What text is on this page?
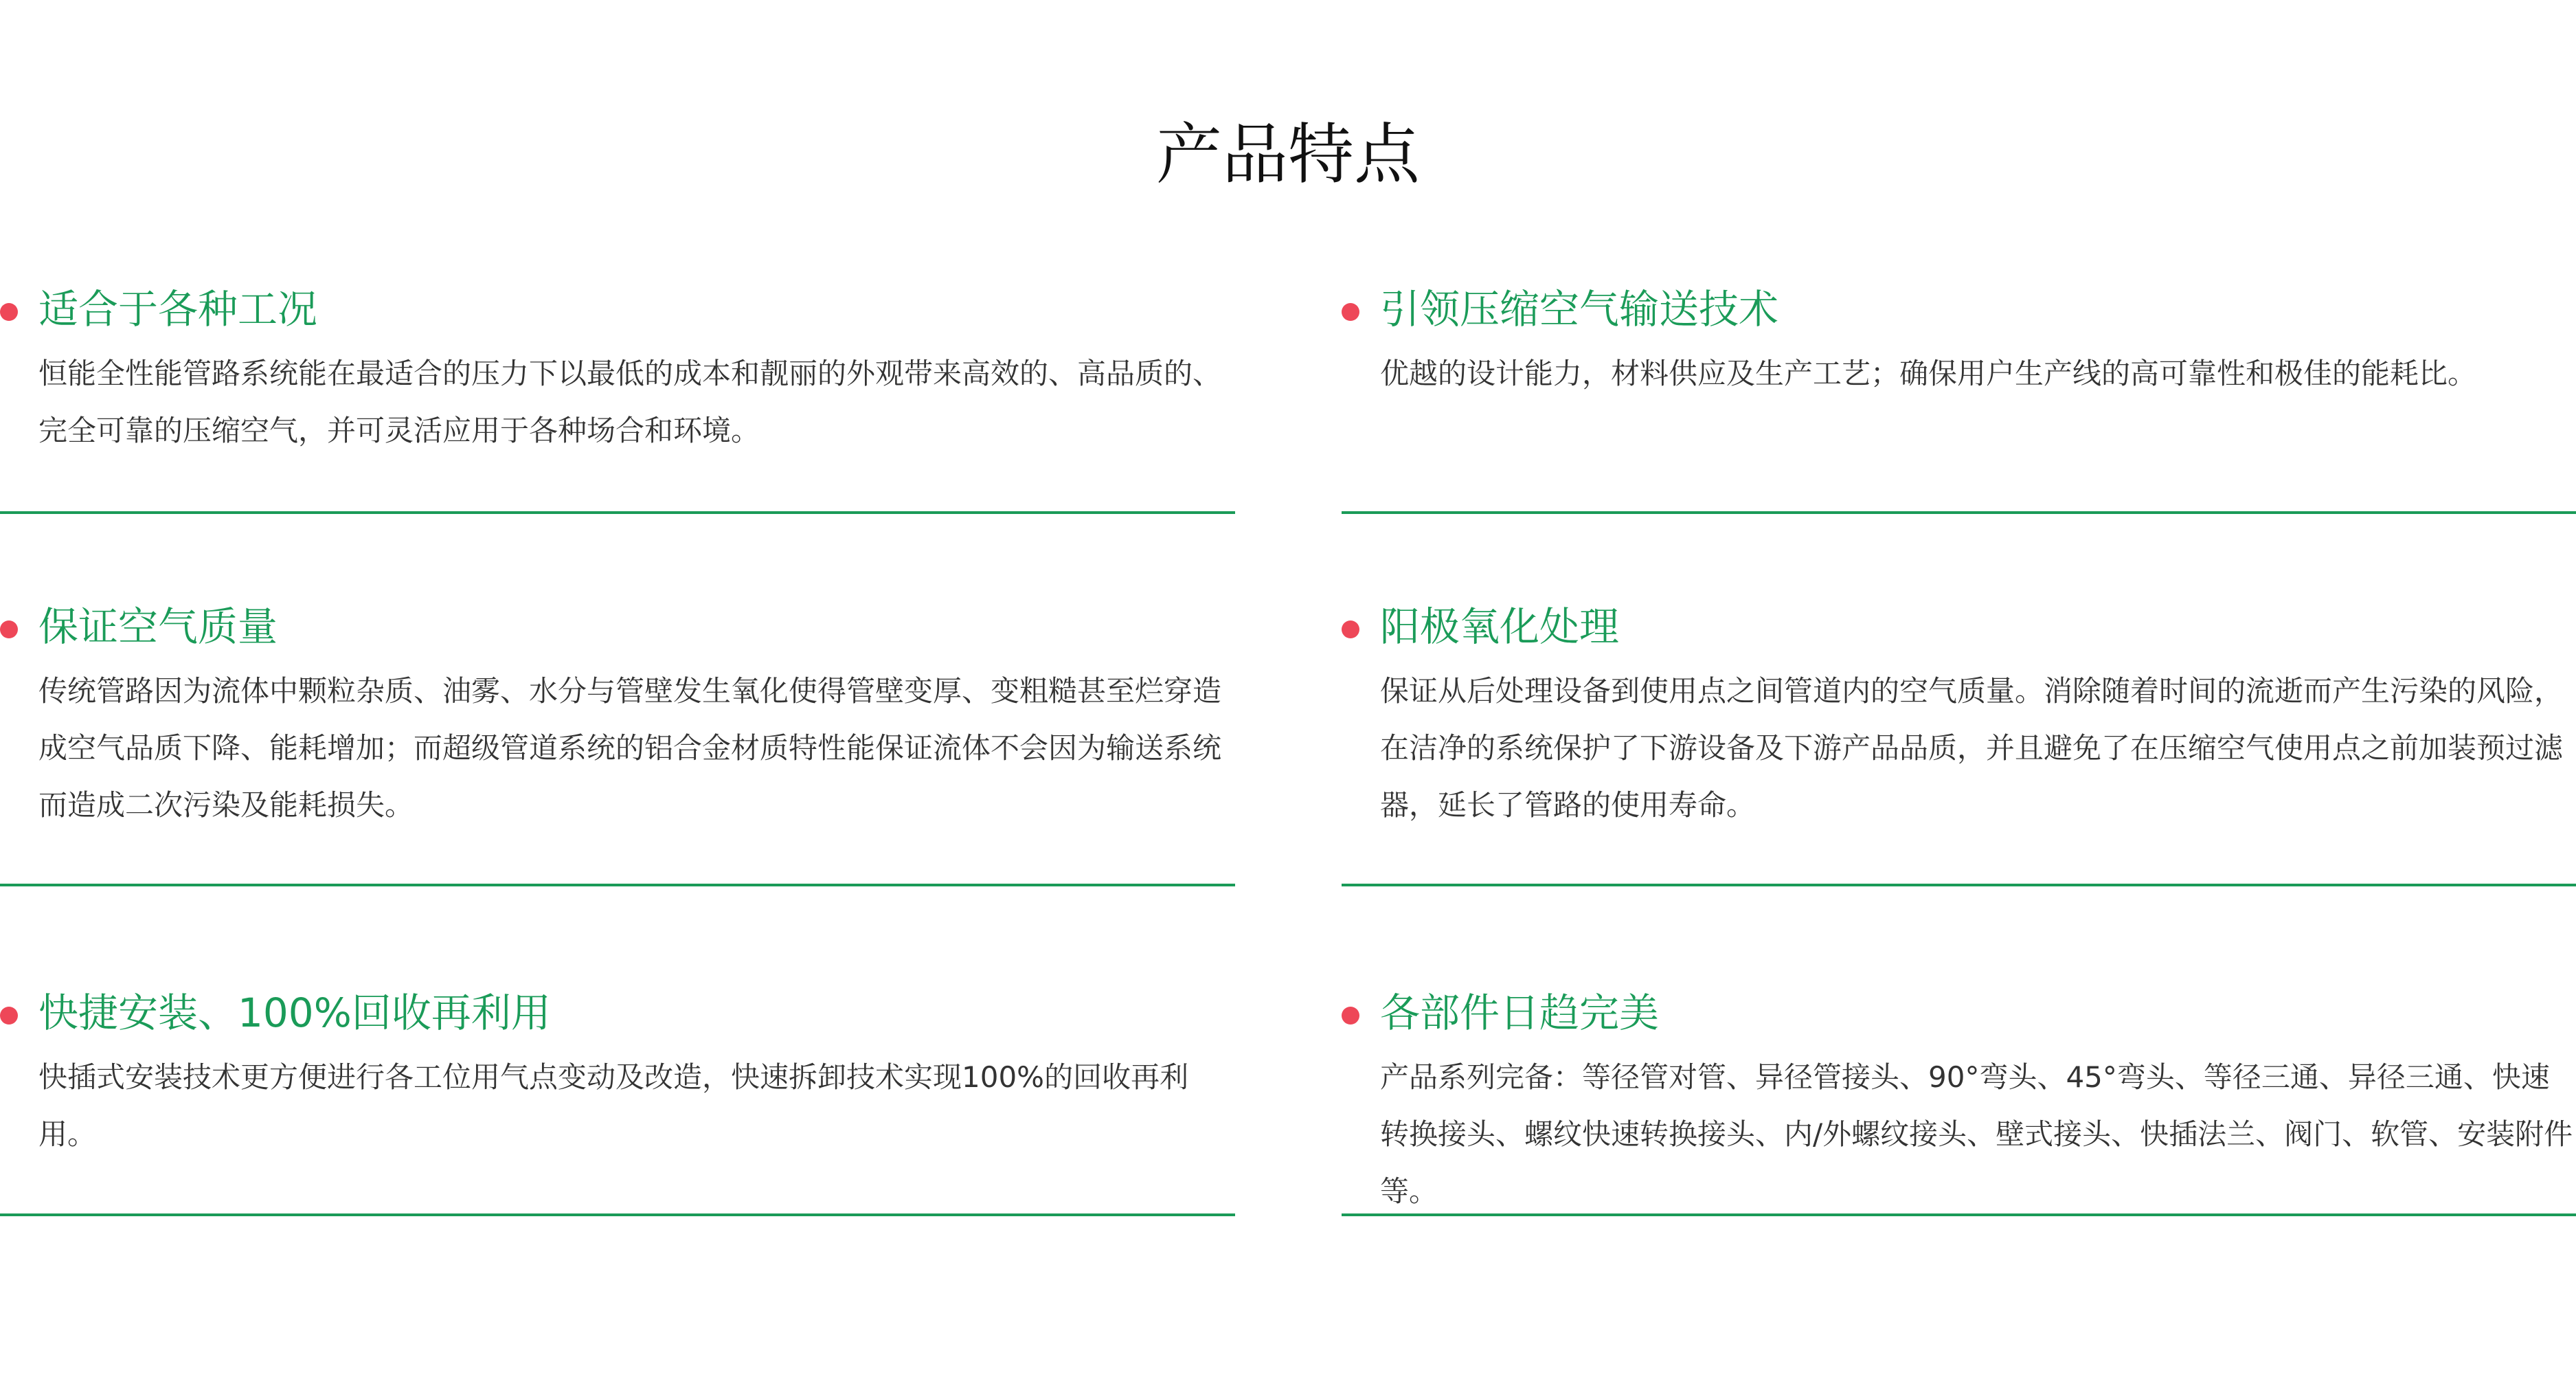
产品特点
适合于各种工况

恒能全性能管路系统能在最适合的压力下以最低的成本和靓丽的外观带来高效的、高品质的、完全可靠的压缩空气，并可灵活应用于各种场合和环境。

引领压缩空气输送技术

优越的设计能力，材料供应及生产工艺；确保用户生产线的高可靠性和极佳的能耗比。

保证空气质量

传统管路因为流体中颗粒杂质、油雾、水分与管壁发生氧化使得管壁变厚、变粗糙甚至烂穿造成空气品质下降、能耗增加；而超级管道系统的铝合金材质特性能保证流体不会因为输送系统而造成二次污染及能耗损失。

阳极氧化处理

保证从后处理设备到使用点之间管道内的空气质量。消除随着时间的流逝而产生污染的风险，在洁净的系统保护了下游设备及下游产品品质，并且避免了在压缩空气使用点之前加装预过滤器，延长了管路的使用寿命。

快捷安装、100%回收再利用

快插式安装技术更方便进行各工位用气点变动及改造，快速拆卸技术实现100%的回收再利用。

各部件日趋完美

产品系列完备：等径管对管、异径管接头、90°弯头、45°弯头、等径三通、异径三通、快速转换接头、螺纹快速转换接头、内/外螺纹接头、壁式接头、快插法兰、阀门、软管、安装附件等。
